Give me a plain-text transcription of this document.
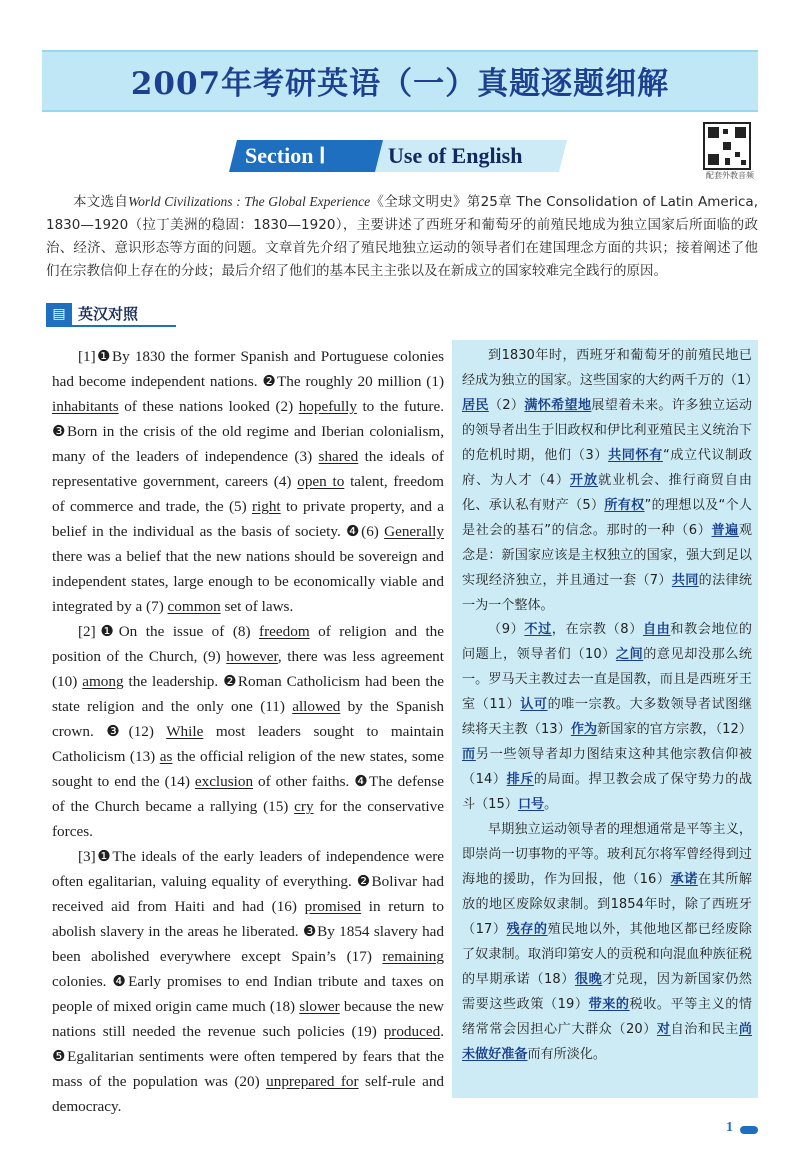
2007年考研英语（一）真题逐题细解
Section Ⅰ	Use of English
配套外教音频
本文选自World Civilizations : The Global Experience《全球文明史》第25章 The Consolidation of Latin America, 1830—1920（拉丁美洲的稳固：1830—1920），主要讲述了西班牙和葡萄牙的前殖民地成为独立国家后所面临的政治、经济、意识形态等方面的问题。文章首先介绍了殖民地独立运动的领导者们在建国理念方面的共识；接着阐述了他们在宗教信仰上存在的分歧；最后介绍了他们的基本民主主张以及在新成立的国家较难完全践行的原因。
▤ 英汉对照

[1]❶By 1830 the former Spanish and Portuguese colonies had become independent nations. ❷The roughly 20 million (1) inhabitants of these nations looked (2) hopefully to the future. ❸Born in the crisis of the old regime and Iberian colonialism, many of the leaders of independence (3) shared the ideals of representative government, careers (4) open to talent, freedom of commerce and trade, the (5) right to private property, and a belief in the individual as the basis of society. ❹(6) Generally there was a belief that the new nations should be sovereign and independent states, large enough to be economically viable and integrated by a (7) common set of laws.

[2]❶On the issue of (8) freedom of religion and the position of the Church, (9) however, there was less agreement (10) among the leadership. ❷Roman Catholicism had been the state religion and the only one (11) allowed by the Spanish crown. ❸(12) While most leaders sought to maintain Catholicism (13) as the official religion of the new states, some sought to end the (14) exclusion of other faiths. ❹The defense of the Church became a rallying (15) cry for the conservative forces.

[3]❶The ideals of the early leaders of independence were often egalitarian, valuing equality of everything. ❷Bolivar had received aid from Haiti and had (16) promised in return to abolish slavery in the areas he liberated. ❸By 1854 slavery had been abolished everywhere except Spain’s (17) remaining colonies. ❹Early promises to end Indian tribute and taxes on people of mixed origin came much (18) slower because the new nations still needed the revenue such policies (19) produced. ❺Egalitarian sentiments were often tempered by fears that the mass of the population was (20) unprepared for self-rule and democracy.

到1830年时，西班牙和葡萄牙的前殖民地已经成为独立的国家。这些国家的大约两千万的（1）居民（2）满怀希望地展望着未来。许多独立运动的领导者出生于旧政权和伊比利亚殖民主义统治下的危机时期，他们（3）共同怀有“成立代议制政府、为人才（4）开放就业机会、推行商贸自由化、承认私有财产（5）所有权”的理想以及“个人是社会的基石”的信念。那时的一种（6）普遍观念是：新国家应该是主权独立的国家，强大到足以实现经济独立，并且通过一套（7）共同的法律统一为一个整体。

（9）不过，在宗教（8）自由和教会地位的问题上，领导者们（10）之间的意见却没那么统一。罗马天主教过去一直是国教，而且是西班牙王室（11）认可的唯一宗教。大多数领导者试图继续将天主教（13）作为新国家的官方宗教，（12）而另一些领导者却力图结束这种其他宗教信仰被（14）排斥的局面。捍卫教会成了保守势力的战斗（15）口号。

早期独立运动领导者的理想通常是平等主义，即崇尚一切事物的平等。玻利瓦尔将军曾经得到过海地的援助，作为回报，他（16）承诺在其所解放的地区废除奴隶制。到1854年时，除了西班牙（17）残存的殖民地以外，其他地区都已经废除了奴隶制。取消印第安人的贡税和向混血种族征税的早期承诺（18）很晚才兑现，因为新国家仍然需要这些政策（19）带来的税收。平等主义的情绪常常会因担心广大群众（20）对自治和民主尚未做好准备而有所淡化。

1
